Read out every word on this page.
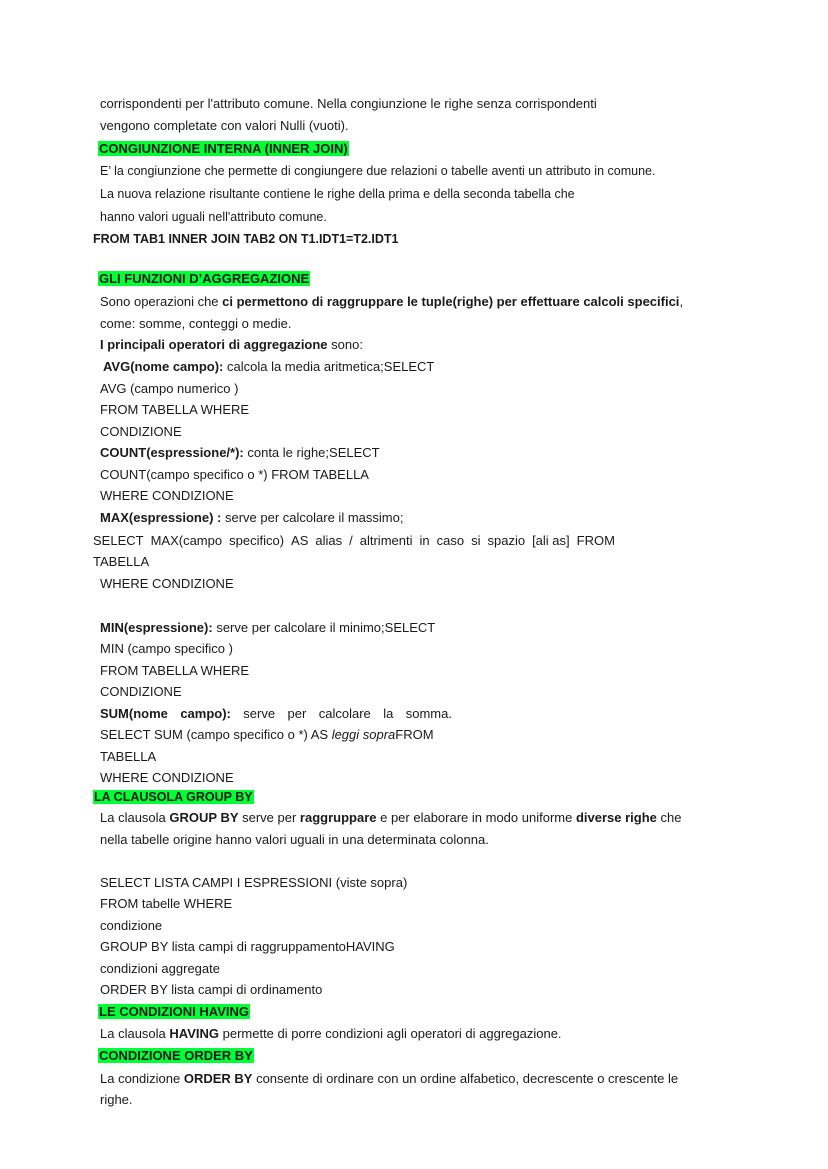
corrispondenti per l'attributo comune. Nella congiunzione le righe senza corrispondenti

vengono completate con valori Nulli (vuoti).

CONGIUNZIONE INTERNA (INNER JOIN)

E’ la congiunzione che permette di congiungere due relazioni o tabelle aventi un attributo in comune.

La nuova relazione risultante contiene le righe della prima e della seconda tabella che

hanno valori uguali nell'attributo comune.

FROM TAB1 INNER JOIN TAB2 ON T1.IDT1=T2.IDT1

GLI FUNZIONI D’AGGREGAZIONE

Sono operazioni che ci permettono di raggruppare le tuple(righe) per effettuare calcoli specifici,

come: somme, conteggi o medie.

I principali operatori di aggregazione sono:

AVG(nome campo): calcola la media aritmetica;SELECT

AVG (campo numerico )

FROM TABELLA WHERE

CONDIZIONE

COUNT(espressione/*): conta le righe;SELECT

COUNT(campo specifico o *) FROM TABELLA

WHERE CONDIZIONE

MAX(espressione) : serve per calcolare il massimo;

SELECT MAX(campo specifico) AS alias / altrimenti in caso si spazio [ali as] FROM

TABELLA

WHERE CONDIZIONE

MIN(espressione): serve per calcolare il minimo;SELECT

MIN (campo specifico )

FROM TABELLA WHERE

CONDIZIONE

SUM(nome campo): serve per calcolare la somma.

SELECT SUM (campo specifico o *) AS leggi sopraFROM

TABELLA

WHERE CONDIZIONE

LA CLAUSOLA GROUP BY

La clausola GROUP BY serve per raggruppare e per elaborare in modo uniforme diverse righe che

nella tabelle origine hanno valori uguali in una determinata colonna.

SELECT LISTA CAMPI I ESPRESSIONI (viste sopra)

FROM tabelle WHERE

condizione

GROUP BY lista campi di raggruppamentoHAVING

condizioni aggregate

ORDER BY lista campi di ordinamento

LE CONDIZIONI HAVING

La clausola HAVING permette di porre condizioni agli operatori di aggregazione.

CONDIZIONE ORDER BY

La condizione ORDER BY consente di ordinare con un ordine alfabetico, decrescente o crescente le

righe.
